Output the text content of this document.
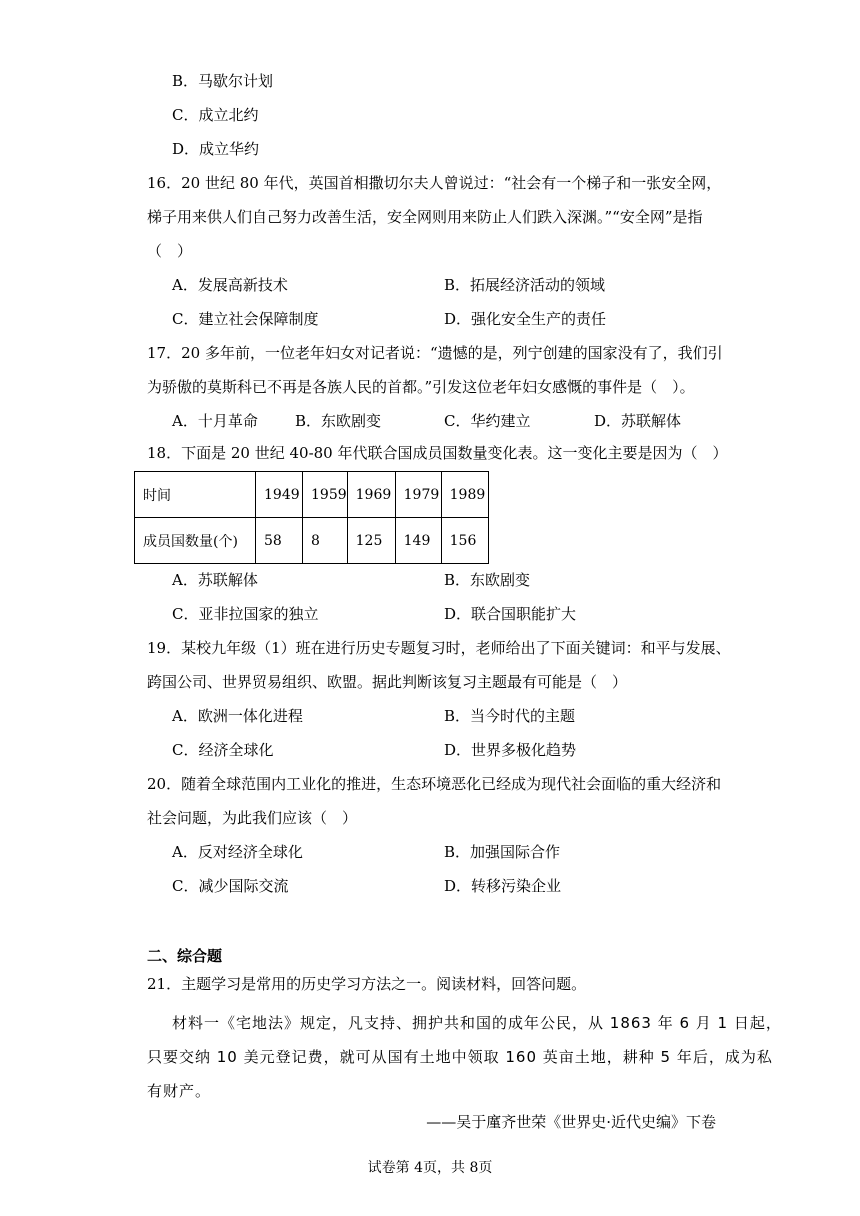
B．马歇尔计划
C．成立北约
D．成立华约
16．20 世纪 80 年代，英国首相撒切尔夫人曾说过：“社会有一个梯子和一张安全网，
梯子用来供人们自己努力改善生活，安全网则用来防止人们跌入深渊。”“安全网”是指
（　）
A．发展高新技术	B．拓展经济活动的领域
C．建立社会保障制度	D．强化安全生产的责任
17．20 多年前，一位老年妇女对记者说：“遗憾的是，列宁创建的国家没有了，我们引
为骄傲的莫斯科已不再是各族人民的首都。”引发这位老年妇女感慨的事件是（　）。
A．十月革命 B．东欧剧变	C．华约建立	D．苏联解体
18．下面是 20 世纪 40-80 年代联合国成员国数量变化表。这一变化主要是因为（　）
时间	1949	1959	1969	1979	1989
成员国数量(个)	58	8	125	149	156
A．苏联解体	B．东欧剧变
C．亚非拉国家的独立	D．联合国职能扩大
19．某校九年级（1）班在进行历史专题复习时，老师给出了下面关键词：和平与发展、
跨国公司、世界贸易组织、欧盟。据此判断该复习主题最有可能是（　）
A．欧洲一体化进程	B．当今时代的主题
C．经济全球化	D．世界多极化趋势
20．随着全球范围内工业化的推进，生态环境恶化已经成为现代社会面临的重大经济和
社会问题，为此我们应该（　）
A．反对经济全球化	B．加强国际合作
C．减少国际交流	D．转移污染企业
二、综合题
21．主题学习是常用的历史学习方法之一。阅读材料，回答问题。
材料一《宅地法》规定，凡支持、拥护共和国的成年公民，从 1863 年 6 月 1 日起，
只要交纳 10 美元登记费，就可从国有土地中领取 160 英亩土地，耕种 5 年后，成为私
有财产。
——吴于廑齐世荣《世界史·近代史编》下卷
试卷第 4页，共 8页
